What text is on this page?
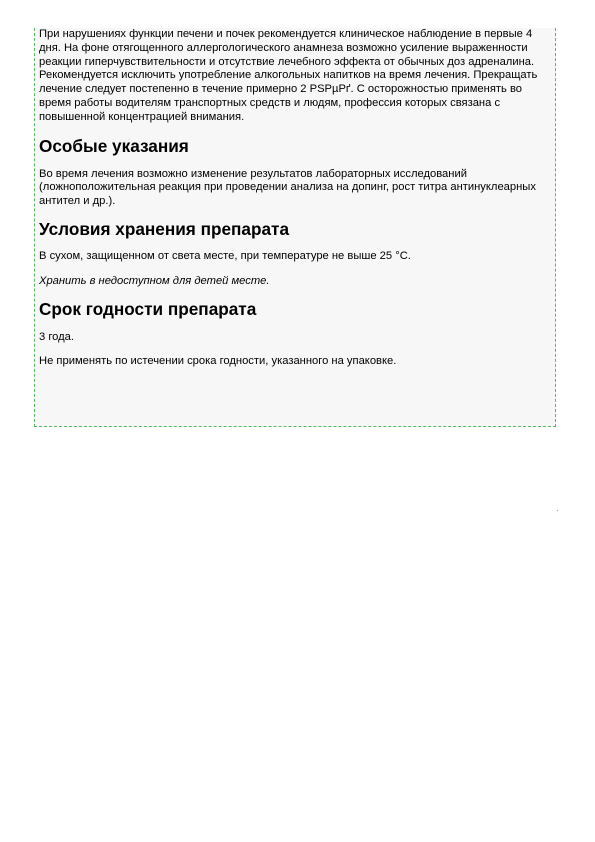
При нарушениях функции печени и почек рекомендуется клиническое наблюдение в первые 4 дня. На фоне отягощенного аллергологического анамнеза возможно усиление выраженности реакции гиперчувствительности и отсутствие лечебного эффекта от обычных доз адреналина. Рекомендуется исключить употребление алкогольных напитков на время лечения. Прекращать лечение следует постепенно в течение примерно 2 PSPµPґ. С осторожностью применять во время работы водителям транспортных средств и людям, профессия которых связана с повышенной концентрацией внимания.

Особые указания

Во время лечения возможно изменение результатов лабораторных исследований (ложноположительная реакция при проведении анализа на допинг, рост титра антинуклеарных антител и др.).

Условия хранения препарата

В сухом, защищенном от света месте, при температуре не выше 25 °C.

Хранить в недоступном для детей месте.

Срок годности препарата

3 года.

Не применять по истечении срока годности, указанного на упаковке.
